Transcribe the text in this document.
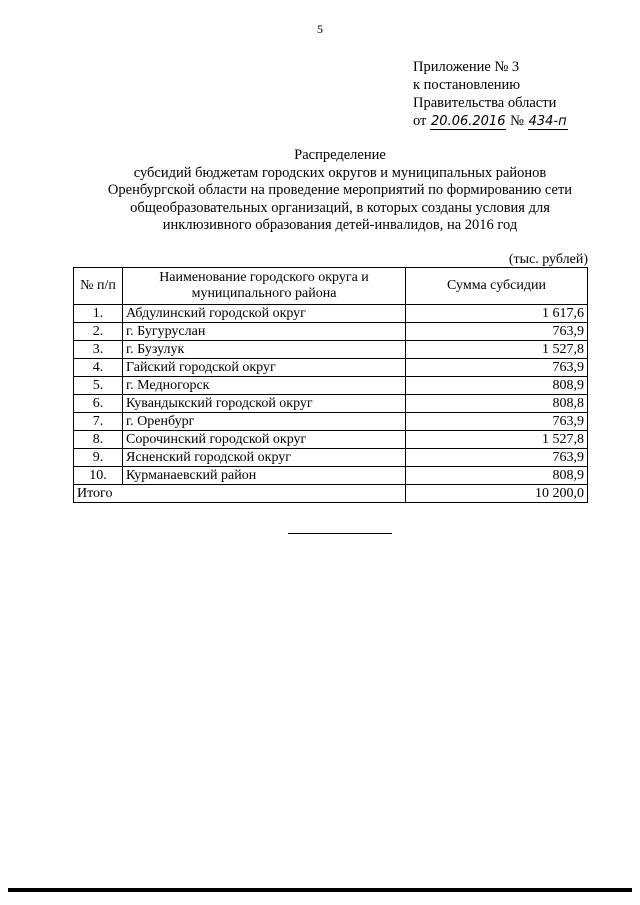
5
Приложение № 3
к постановлению
Правительства области
от 20.06.2016 № 434-п
Распределение
субсидий бюджетам городских округов и муниципальных районов
Оренбургской области на проведение мероприятий по формированию сети
общеобразовательных организаций, в которых созданы условия для
инклюзивного образования детей-инвалидов, на 2016 год
(тыс. рублей)
№ п/п	Наименование городского округа и муниципального района	Сумма субсидии
1.	Абдулинский городской округ	1 617,6
2.	г. Бугуруслан	763,9
3.	г. Бузулук	1 527,8
4.	Гайский городской округ	763,9
5.	г. Медногорск	808,9
6.	Кувандыкский городской округ	808,8
7.	г. Оренбург	763,9
8.	Сорочинский городской округ	1 527,8
9.	Ясненский городской округ	763,9
10.	Курманаевский район	808,9
Итого		10 200,0
